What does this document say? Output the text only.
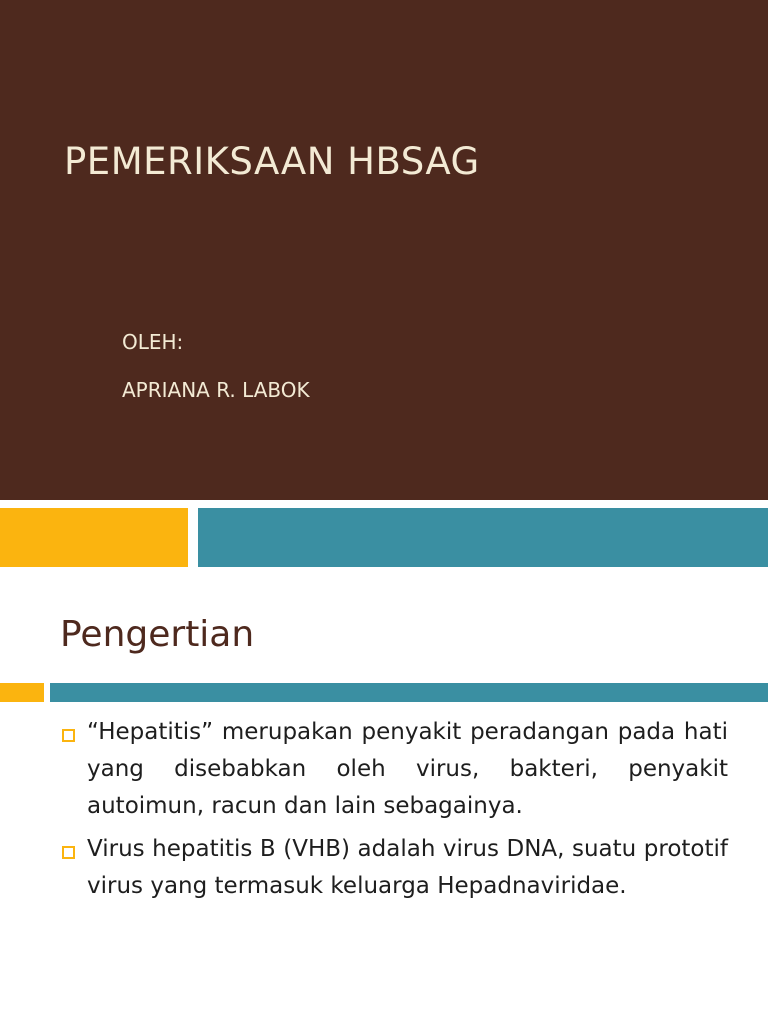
PEMERIKSAAN HBSAG
OLEH:
APRIANA R. LABOK
Pengertian
“Hepatitis” merupakan penyakit peradangan pada hati yang disebabkan oleh virus, bakteri, penyakit autoimun, racun dan lain sebagainya.
Virus hepatitis B (VHB) adalah virus DNA, suatu prototif virus yang termasuk keluarga Hepadnaviridae.
